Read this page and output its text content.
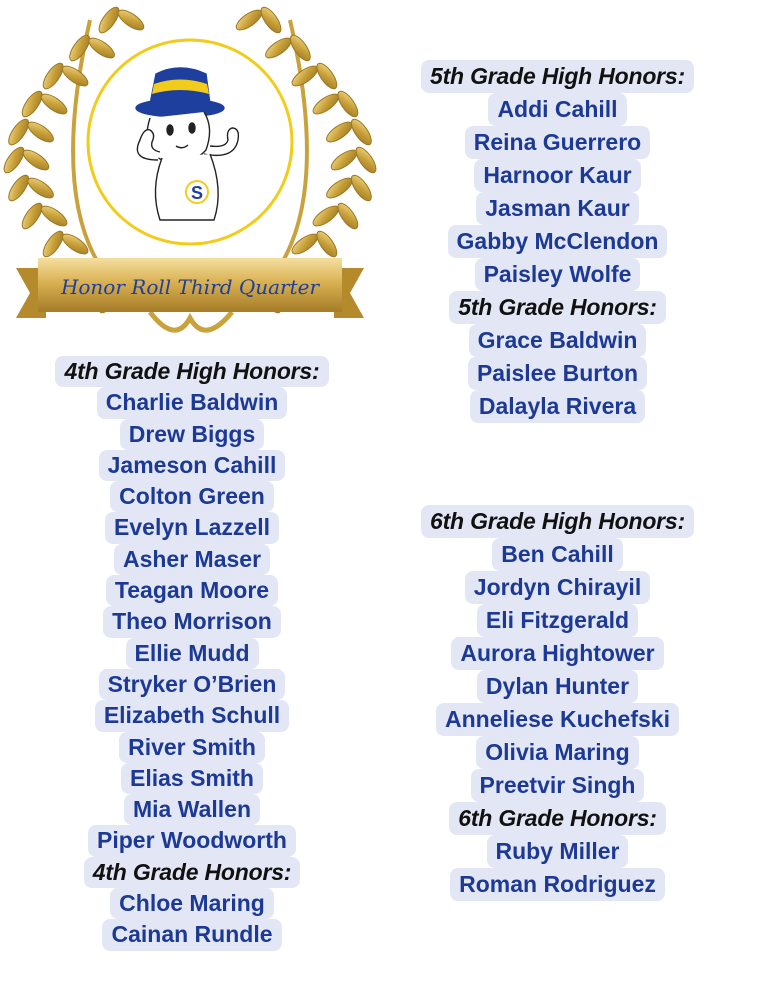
S
Honor Roll Third Quarter
4th Grade High Honors:
Charlie Baldwin
Drew Biggs
Jameson Cahill
Colton Green
Evelyn Lazzell
Asher Maser
Teagan Moore
Theo Morrison
Ellie Mudd
Stryker O’Brien
Elizabeth Schull
River Smith
Elias Smith
Mia Wallen
Piper Woodworth
4th Grade Honors:
Chloe Maring
Cainan Rundle
5th Grade High Honors:
Addi Cahill
Reina Guerrero
Harnoor Kaur
Jasman Kaur
Gabby McClendon
Paisley Wolfe
5th Grade Honors:
Grace Baldwin
Paislee Burton
Dalayla Rivera
6th Grade High Honors:
Ben Cahill
Jordyn Chirayil
Eli Fitzgerald
Aurora Hightower
Dylan Hunter
Anneliese Kuchefski
Olivia Maring
Preetvir Singh
6th Grade Honors:
Ruby Miller
Roman Rodriguez
